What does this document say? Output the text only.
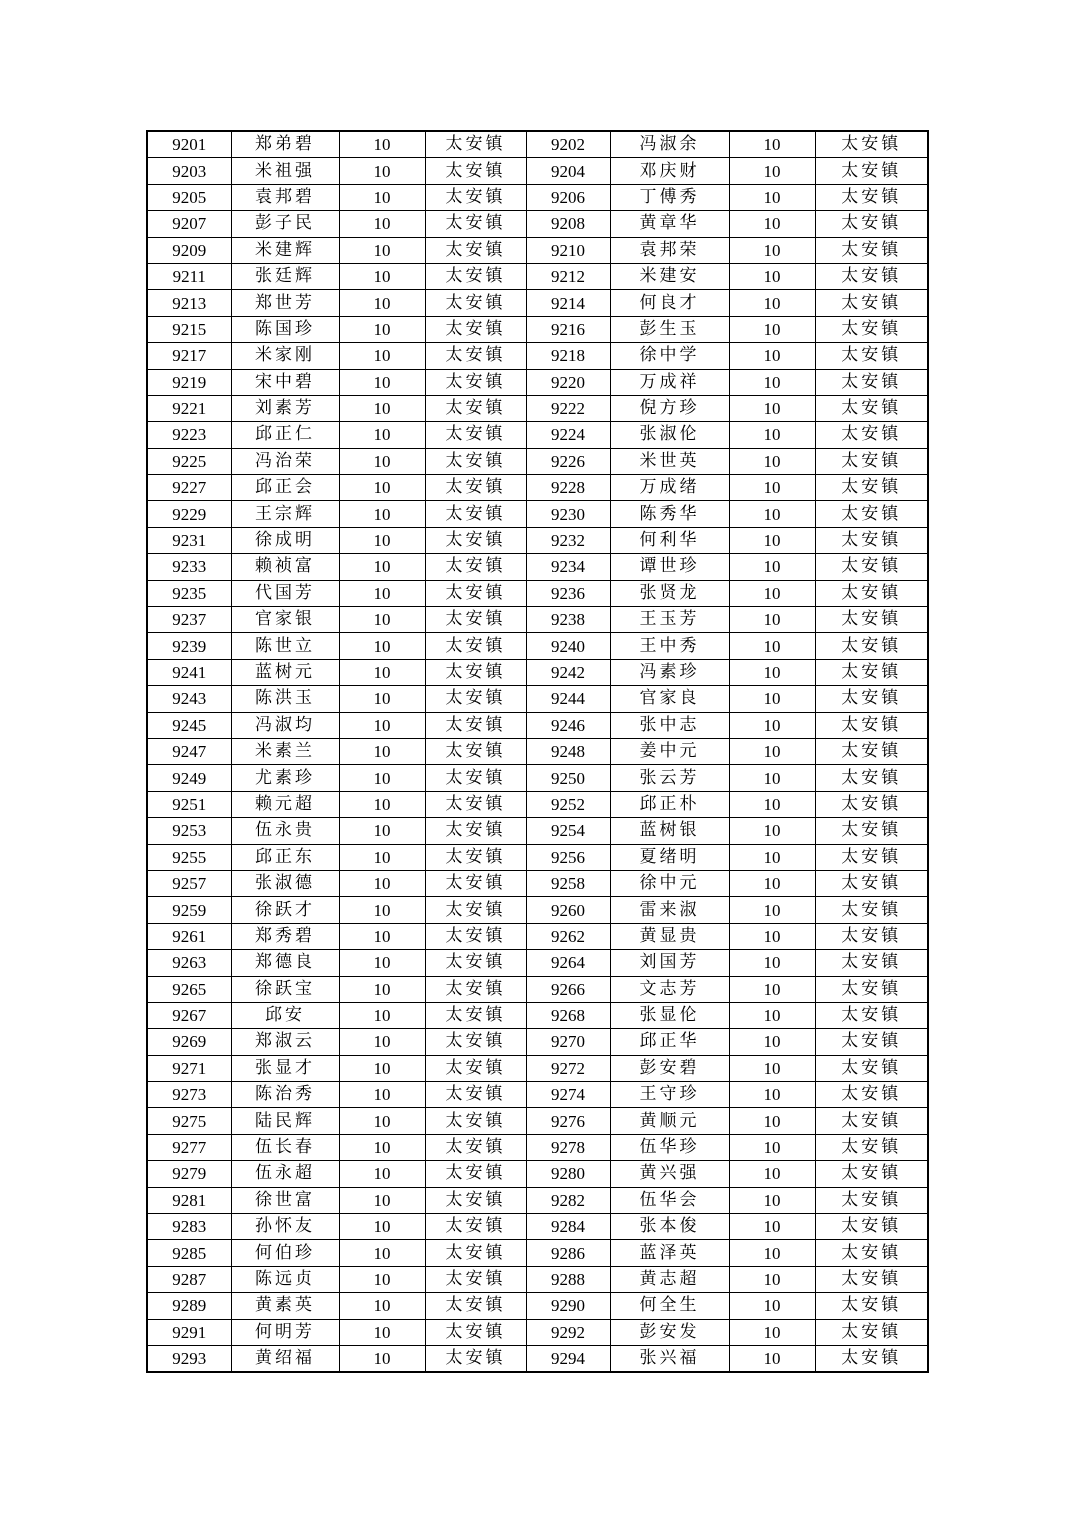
9201	郑弟碧	10	太安镇	9202	冯淑余	10	太安镇
9203	米祖强	10	太安镇	9204	邓庆财	10	太安镇
9205	袁邦碧	10	太安镇	9206	丁傅秀	10	太安镇
9207	彭子民	10	太安镇	9208	黄章华	10	太安镇
9209	米建辉	10	太安镇	9210	袁邦荣	10	太安镇
9211	张廷辉	10	太安镇	9212	米建安	10	太安镇
9213	郑世芳	10	太安镇	9214	何良才	10	太安镇
9215	陈国珍	10	太安镇	9216	彭生玉	10	太安镇
9217	米家刚	10	太安镇	9218	徐中学	10	太安镇
9219	宋中碧	10	太安镇	9220	万成祥	10	太安镇
9221	刘素芳	10	太安镇	9222	倪方珍	10	太安镇
9223	邱正仁	10	太安镇	9224	张淑伦	10	太安镇
9225	冯治荣	10	太安镇	9226	米世英	10	太安镇
9227	邱正会	10	太安镇	9228	万成绪	10	太安镇
9229	王宗辉	10	太安镇	9230	陈秀华	10	太安镇
9231	徐成明	10	太安镇	9232	何利华	10	太安镇
9233	赖祯富	10	太安镇	9234	谭世珍	10	太安镇
9235	代国芳	10	太安镇	9236	张贤龙	10	太安镇
9237	官家银	10	太安镇	9238	王玉芳	10	太安镇
9239	陈世立	10	太安镇	9240	王中秀	10	太安镇
9241	蓝树元	10	太安镇	9242	冯素珍	10	太安镇
9243	陈洪玉	10	太安镇	9244	官家良	10	太安镇
9245	冯淑均	10	太安镇	9246	张中志	10	太安镇
9247	米素兰	10	太安镇	9248	姜中元	10	太安镇
9249	尤素珍	10	太安镇	9250	张云芳	10	太安镇
9251	赖元超	10	太安镇	9252	邱正朴	10	太安镇
9253	伍永贵	10	太安镇	9254	蓝树银	10	太安镇
9255	邱正东	10	太安镇	9256	夏绪明	10	太安镇
9257	张淑德	10	太安镇	9258	徐中元	10	太安镇
9259	徐跃才	10	太安镇	9260	雷来淑	10	太安镇
9261	郑秀碧	10	太安镇	9262	黄显贵	10	太安镇
9263	郑德良	10	太安镇	9264	刘国芳	10	太安镇
9265	徐跃宝	10	太安镇	9266	文志芳	10	太安镇
9267	邱安	10	太安镇	9268	张显伦	10	太安镇
9269	郑淑云	10	太安镇	9270	邱正华	10	太安镇
9271	张显才	10	太安镇	9272	彭安碧	10	太安镇
9273	陈治秀	10	太安镇	9274	王守珍	10	太安镇
9275	陆民辉	10	太安镇	9276	黄顺元	10	太安镇
9277	伍长春	10	太安镇	9278	伍华珍	10	太安镇
9279	伍永超	10	太安镇	9280	黄兴强	10	太安镇
9281	徐世富	10	太安镇	9282	伍华会	10	太安镇
9283	孙怀友	10	太安镇	9284	张本俊	10	太安镇
9285	何伯珍	10	太安镇	9286	蓝泽英	10	太安镇
9287	陈远贞	10	太安镇	9288	黄志超	10	太安镇
9289	黄素英	10	太安镇	9290	何全生	10	太安镇
9291	何明芳	10	太安镇	9292	彭安发	10	太安镇
9293	黄绍福	10	太安镇	9294	张兴福	10	太安镇
